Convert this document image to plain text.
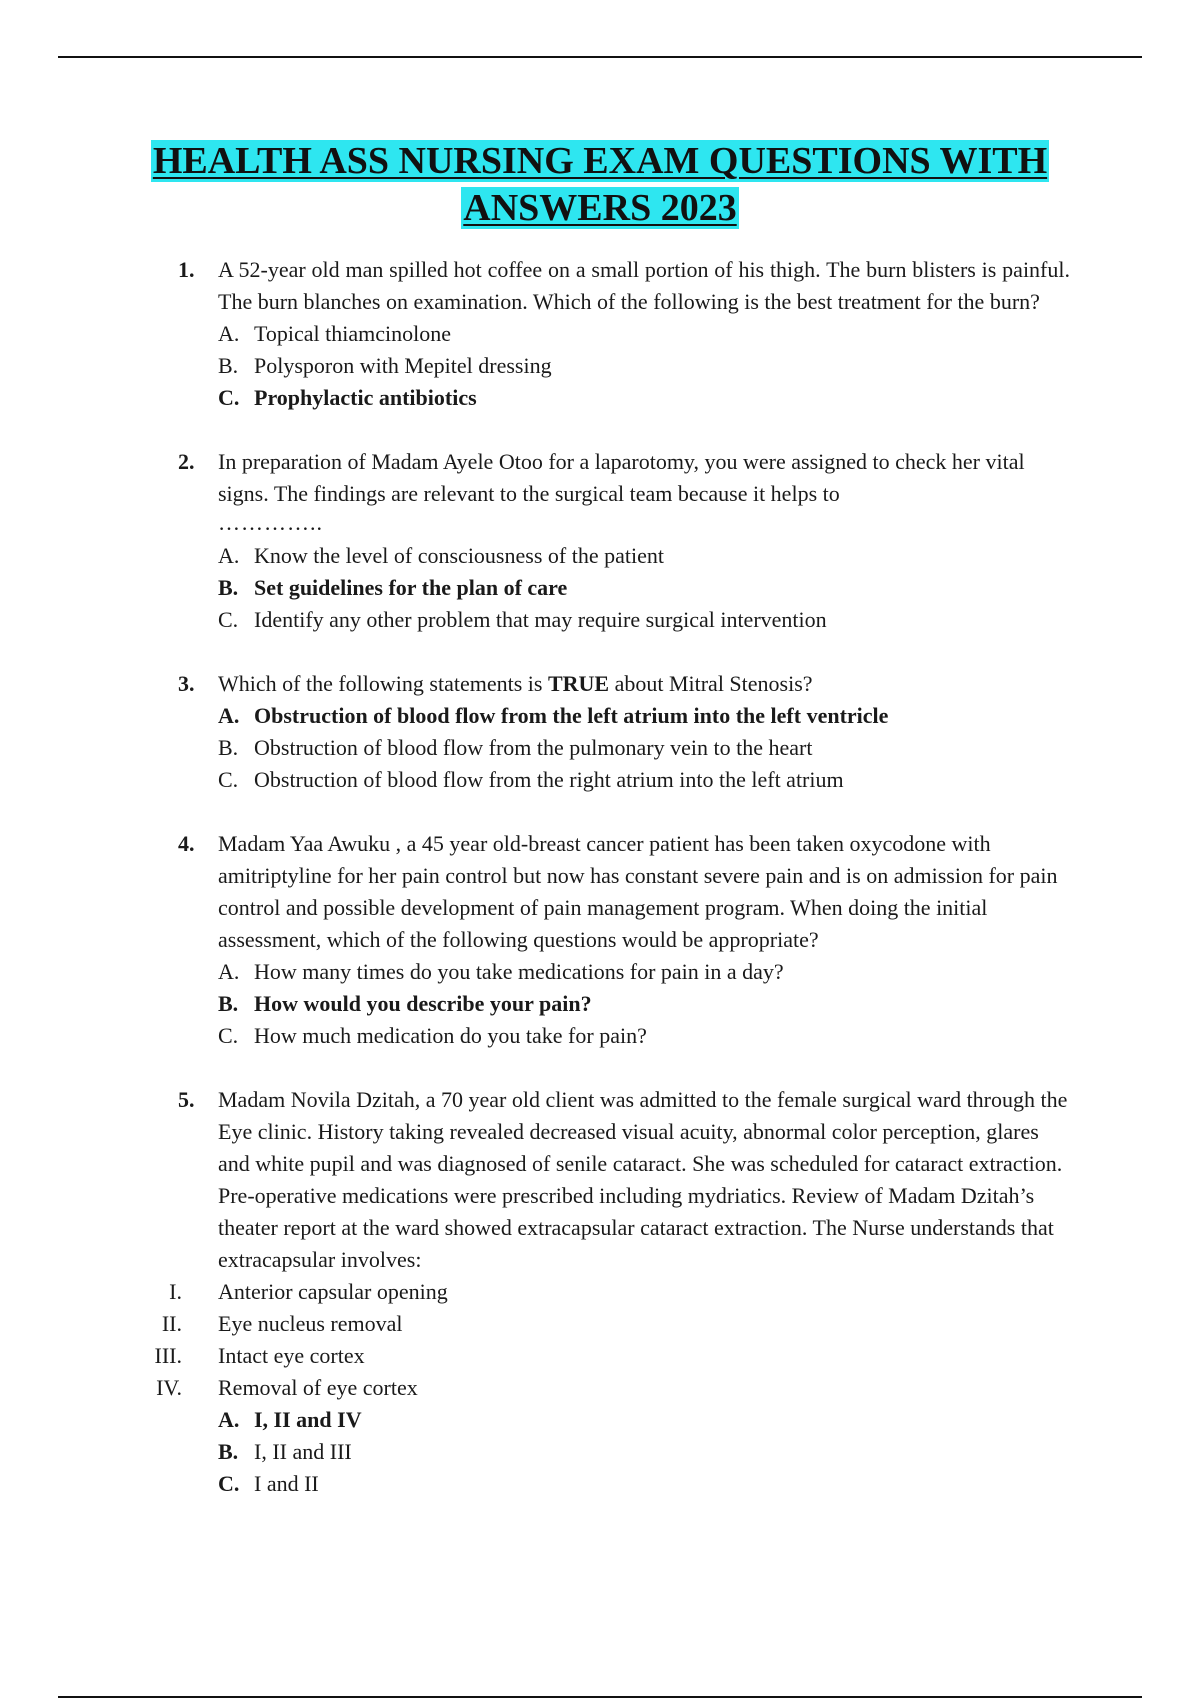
HEALTH ASS NURSING EXAM QUESTIONS WITH
ANSWERS 2023
1.	A 52-year old man spilled hot coffee on a small portion of his thigh. The burn blisters is painful. The burn blanches on examination. Which of the following is the best treatment for the burn?
A. Topical thiamcinolone
B. Polysporon with Mepitel dressing
C. Prophylactic antibiotics
2.	In preparation of Madam Ayele Otoo for a laparotomy, you were assigned to check her vital signs. The findings are relevant to the surgical team because it helps to
…………..
A. Know the level of consciousness of the patient
B. Set guidelines for the plan of care
C. Identify any other problem that may require surgical intervention
3.	Which of the following statements is TRUE about Mitral Stenosis?
A. Obstruction of blood flow from the left atrium into the left ventricle
B. Obstruction of blood flow from the pulmonary vein to the heart
C. Obstruction of blood flow from the right atrium into the left atrium
4.	Madam Yaa Awuku , a 45 year old-breast cancer patient has been taken oxycodone with amitriptyline for her pain control but now has constant severe pain and is on admission for pain control and possible development of pain management program. When doing the initial assessment, which of the following questions would be appropriate?
A. How many times do you take medications for pain in a day?
B. How would you describe your pain?
C. How much medication do you take for pain?
5.	Madam Novila Dzitah, a 70 year old client was admitted to the female surgical ward through the Eye clinic. History taking revealed decreased visual acuity, abnormal color perception, glares and white pupil and was diagnosed of senile cataract. She was scheduled for cataract extraction. Pre-operative medications were prescribed including mydriatics. Review of Madam Dzitah’s theater report at the ward showed extracapsular cataract extraction. The Nurse understands that extracapsular involves:
I. Anterior capsular opening
II. Eye nucleus removal
III. Intact eye cortex
IV. Removal of eye cortex
A. I, II and IV
B. I, II and III
C. I and II
